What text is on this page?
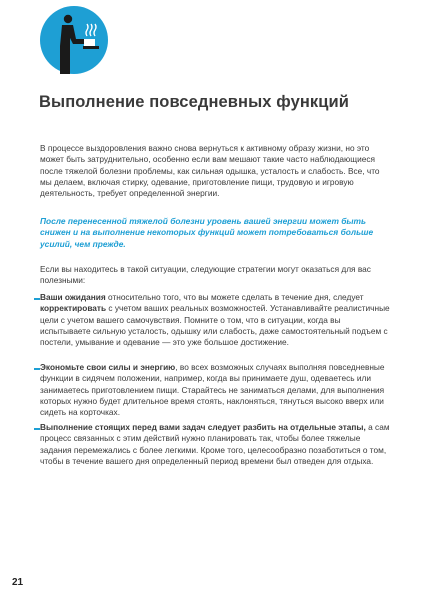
Выполнение повседневных функций

В процессе выздоровления важно снова вернуться к активному образу жизни, но это может быть затруднительно, особенно если вам мешают такие часто наблюдающиеся после тяжелой болезни проблемы, как сильная одышка, усталость и слабость. Все, что мы делаем, включая стирку, одевание, приготовление пищи, трудовую и игровую деятельность, требует определенной энергии.

После перенесенной тяжелой болезни уровень вашей энергии может быть снижен и на выполнение некоторых функций может потребоваться больше усилий, чем прежде.

Если вы находитесь в такой ситуации, следующие стратегии могут оказаться для вас полезными:

Ваши ожидания относительно того, что вы можете сделать в течение дня, следует корректировать с учетом ваших реальных возможностей. Устанавливайте реалистичные цели с учетом вашего самочувствия. Помните о том, что в ситуации, когда вы испытываете сильную усталость, одышку или слабость, даже самостоятельный подъем с постели, умывание и одевание — это уже большое достижение.

Экономьте свои силы и энергию, во всех возможных случаях выполняя повседневные функции в сидячем положении, например, когда вы принимаете душ, одеваетесь или занимаетесь приготовлением пищи. Старайтесь не заниматься делами, для выполнения которых нужно будет длительное время стоять, наклоняться, тянуться высоко вверх или сидеть на корточках.

Выполнение стоящих перед вами задач следует разбить на отдельные этапы, а сам процесс связанных с этим действий нужно планировать так, чтобы более тяжелые задания перемежались с более легкими. Кроме того, целесообразно позаботиться о том, чтобы в течение вашего дня определенный период времени был отведен для отдыха.

21
